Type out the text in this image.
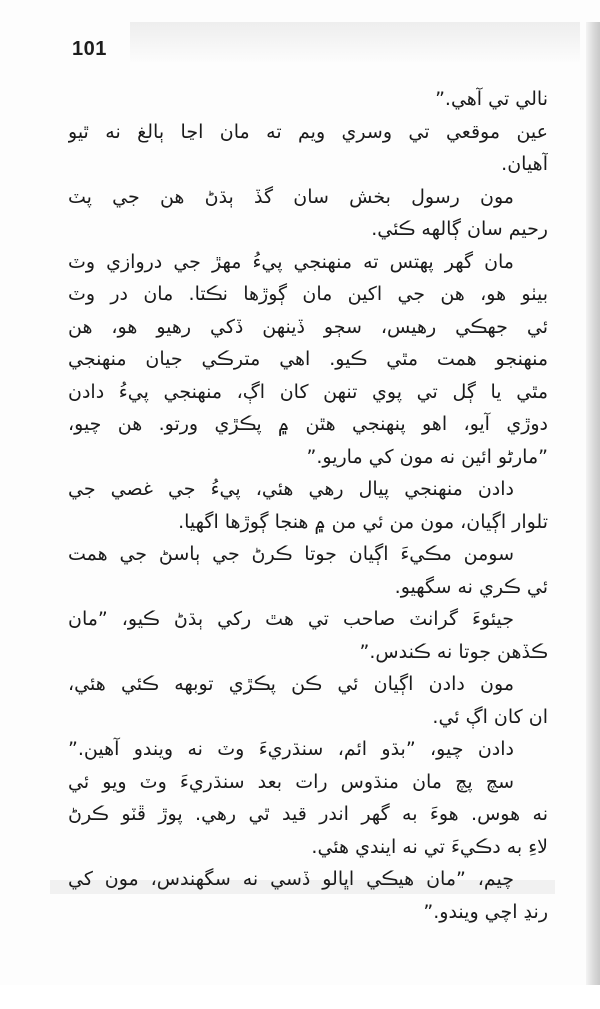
101
نالي تي آهي.”
عين موقعي تي وسري ويم ته مان اڃا ٻالغ نه ٿيو
آهيان.
مون رسول بخش سان گڏ ٻڌڻ هن جي پٽ
رحيم سان ڳالهه ڪئي.
مان گهر پهتس ته منهنجي پيءُ مهڙ جي دروازي وٽ
بيٺو هو، هن جي اکين مان ڳوڙها نڪتا. مان در وٽ
ئي جهڪي رهيس، سڄو ڏينهن ڏکي رهيو هو، هن
منهنجو همت مٿي ڪيو. اهي مترڪي جيان منهنجي
مٿي يا ڳل تي پوي تنهن کان اڳ، منهنجي پيءُ دادن
دوڙي آيو، اهو پنهنجي هٿن ۾ پڪڙي ورتو. هن چيو،
”مارڻو ائين نه مون کي ماريو.”
دادن منهنجي پيال رهي هئي، پيءُ جي غصي جي
تلوار اڳيان، مون من ئي من ۾ هنجا ڳوڙها اگهيا.
سومن مڪيءَ اڳيان جوتا ڪرڻ جي ٻاسڻ جي همت
ئي ڪري نه سگهيو.
جيئوءَ گرانٽ صاحب تي هٿ رکي ٻڌڻ ڪيو، ”مان
ڪڏهن جوتا نه ڪندس.”
مون دادن اڳيان ئي ڪن پڪڙي توبهه ڪئي هئي،
ان کان اڳ ئي.
دادن چيو، ”بڌو ائم، سنڌريءَ وٽ نه ويندو آهين.”
سچ پچ مان منڌوس رات بعد سنڌريءَ وٽ ويو ئي
نه هوس. هوءَ به گهر اندر قيد ٿي رهي. پوڙ ڦٽو ڪرڻ
لاءِ به دڪيءَ تي نه ايندي هئي.
چيم، ”مان هيڪي اڀالو ڏسي نه سگهندس، مون کي
رنڍ اچي ويندو.”
